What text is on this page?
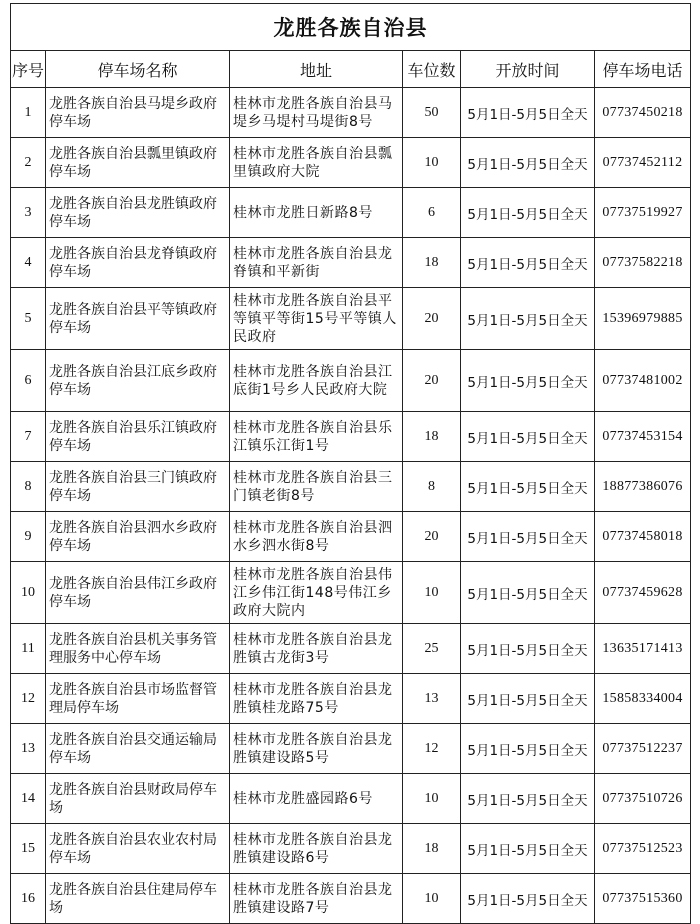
龙胜各族自治县					
序号	停车场名称	地址	车位数	开放时间	停车场电话
1	龙胜各族自治县马堤乡政府停车场	桂林市龙胜各族自治县马堤乡马堤村马堤街8号	50	5月1日-5月5日全天	07737450218
2	龙胜各族自治县瓢里镇政府停车场	桂林市龙胜各族自治县瓢里镇政府大院	10	5月1日-5月5日全天	07737452112
3	龙胜各族自治县龙胜镇政府停车场	桂林市龙胜日新路8号	6	5月1日-5月5日全天	07737519927
4	龙胜各族自治县龙脊镇政府停车场	桂林市龙胜各族自治县龙脊镇和平新街	18	5月1日-5月5日全天	07737582218
5	龙胜各族自治县平等镇政府停车场	桂林市龙胜各族自治县平等镇平等街15号平等镇人民政府	20	5月1日-5月5日全天	15396979885
6	龙胜各族自治县江底乡政府停车场	桂林市龙胜各族自治县江底街1号乡人民政府大院	20	5月1日-5月5日全天	07737481002
7	龙胜各族自治县乐江镇政府停车场	桂林市龙胜各族自治县乐江镇乐江街1号	18	5月1日-5月5日全天	07737453154
8	龙胜各族自治县三门镇政府停车场	桂林市龙胜各族自治县三门镇老街8号	8	5月1日-5月5日全天	18877386076
9	龙胜各族自治县泗水乡政府停车场	桂林市龙胜各族自治县泗水乡泗水街8号	20	5月1日-5月5日全天	07737458018
10	龙胜各族自治县伟江乡政府停车场	桂林市龙胜各族自治县伟江乡伟江街148号伟江乡政府大院内	10	5月1日-5月5日全天	07737459628
11	龙胜各族自治县机关事务管理服务中心停车场	桂林市龙胜各族自治县龙胜镇古龙街3号	25	5月1日-5月5日全天	13635171413
12	龙胜各族自治县市场监督管理局停车场	桂林市龙胜各族自治县龙胜镇桂龙路75号	13	5月1日-5月5日全天	15858334004
13	龙胜各族自治县交通运输局停车场	桂林市龙胜各族自治县龙胜镇建设路5号	12	5月1日-5月5日全天	07737512237
14	龙胜各族自治县财政局停车场	桂林市龙胜盛园路6号	10	5月1日-5月5日全天	07737510726
15	龙胜各族自治县农业农村局停车场	桂林市龙胜各族自治县龙胜镇建设路6号	18	5月1日-5月5日全天	07737512523
16	龙胜各族自治县住建局停车场	桂林市龙胜各族自治县龙胜镇建设路7号	10	5月1日-5月5日全天	07737515360
